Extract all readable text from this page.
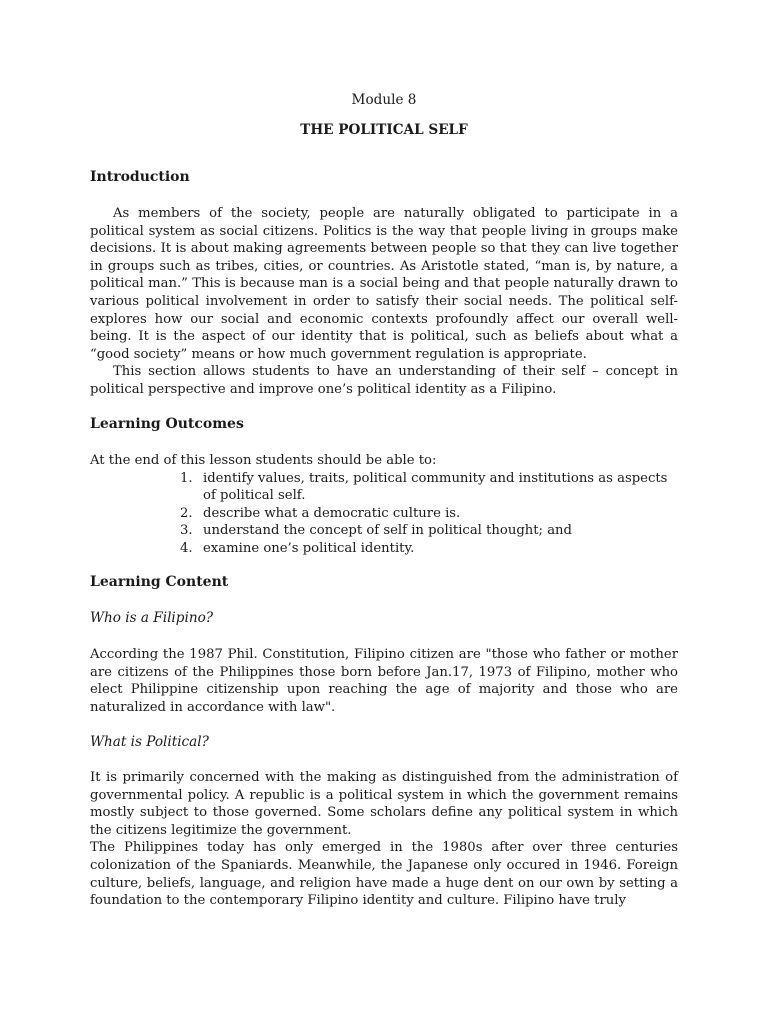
Module 8
THE POLITICAL SELF
Introduction

As members of the society, people are naturally obligated to participate in a political system as social citizens. Politics is the way that people living in groups make decisions. It is about making agreements between people so that they can live together in groups such as tribes, cities, or countries. As Aristotle stated, “man is, by nature, a political man.” This is because man is a social being and that people naturally drawn to various political involvement in order to satisfy their social needs. The political self-explores how our social and economic contexts profoundly affect our overall well-being. It is the aspect of our identity that is political, such as beliefs about what a “good society” means or how much government regulation is appropriate.

This section allows students to have an understanding of their self – concept in political perspective and improve one’s political identity as a Filipino.

Learning Outcomes

At the end of this lesson students should be able to:

1. identify values, traits, political community and institutions as aspects of political self.
2. describe what a democratic culture is.
3. understand the concept of self in political thought; and
4. examine one’s political identity.
Learning Content
Who is a Filipino?

According the 1987 Phil. Constitution, Filipino citizen are "those who father or mother are citizens of the Philippines those born before Jan.17, 1973 of Filipino, mother who elect Philippine citizenship upon reaching the age of majority and those who are naturalized in accordance with law".

What is Political?

It is primarily concerned with the making as distinguished from the administration of governmental policy. A republic is a political system in which the government remains mostly subject to those governed. Some scholars define any political system in which the citizens legitimize the government.

The Philippines today has only emerged in the 1980s after over three centuries colonization of the Spaniards. Meanwhile, the Japanese only occured in 1946. Foreign culture, beliefs, language, and religion have made a huge dent on our own by setting a foundation to the contemporary Filipino identity and culture. Filipino have truly
